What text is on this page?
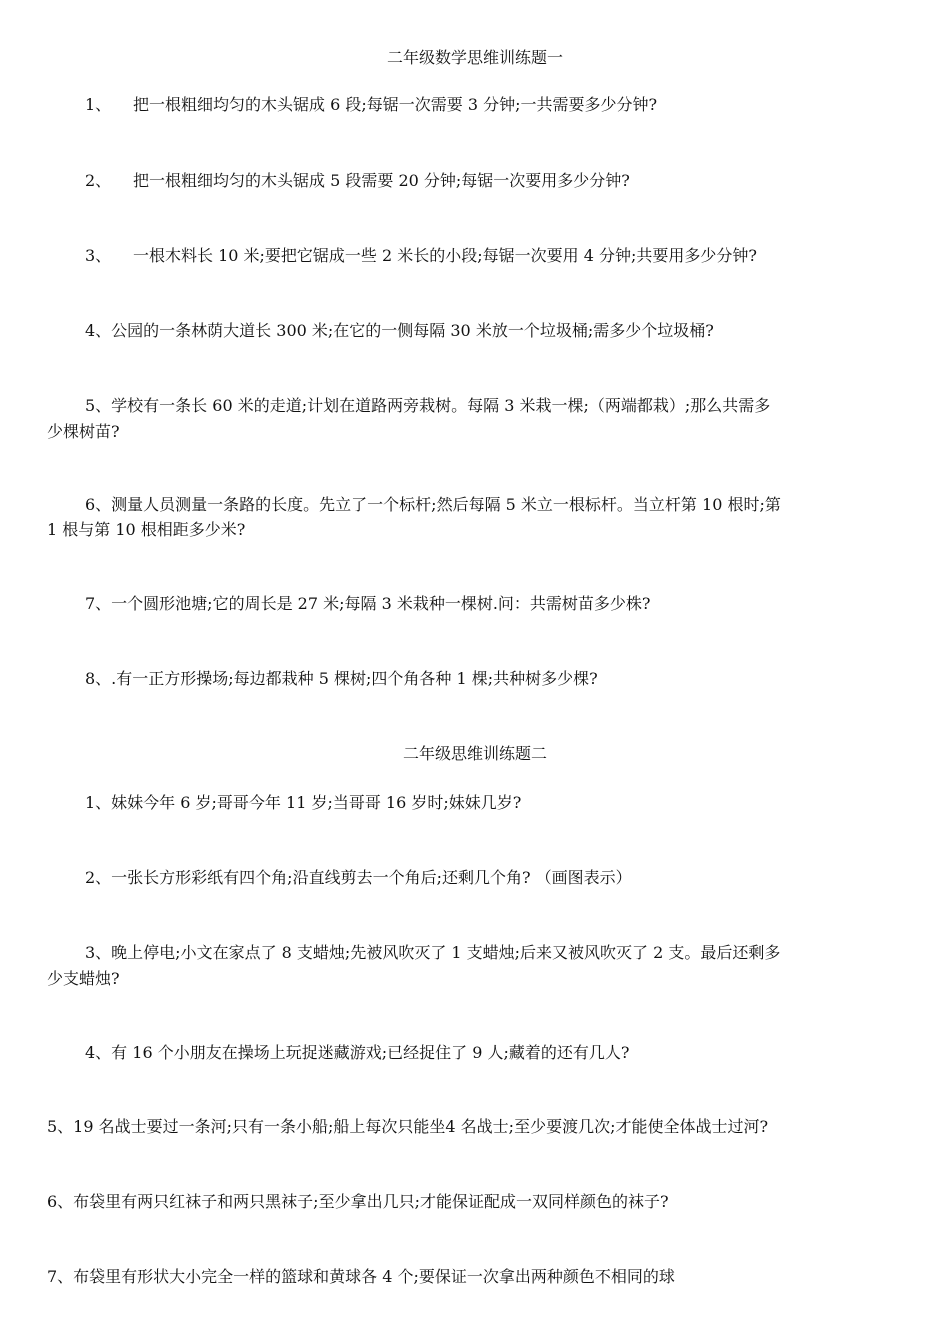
二年级数学思维训练题一
1、 把一根粗细均匀的木头锯成 6 段;每锯一次需要 3 分钟;一共需要多少分钟?
2、 把一根粗细均匀的木头锯成 5 段需要 20 分钟;每锯一次要用多少分钟?
3、 一根木料长 10 米;要把它锯成一些 2 米长的小段;每锯一次要用 4 分钟;共要用多少分钟?
4、公园的一条林荫大道长 300 米;在它的一侧每隔 30 米放一个垃圾桶;需多少个垃圾桶?
5、学校有一条长 60 米的走道;计划在道路两旁栽树。每隔 3 米栽一棵;（两端都栽）;那么共需多
少棵树苗?
6、测量人员测量一条路的长度。先立了一个标杆;然后每隔 5 米立一根标杆。当立杆第 10 根时;第
1 根与第 10 根相距多少米?
7、一个圆形池塘;它的周长是 27 米;每隔 3 米栽种一棵树.问：共需树苗多少株?
8、.有一正方形操场;每边都栽种 5 棵树;四个角各种 1 棵;共种树多少棵?
二年级思维训练题二
1、妹妹今年 6 岁;哥哥今年 11 岁;当哥哥 16 岁时;妹妹几岁?
2、一张长方形彩纸有四个角;沿直线剪去一个角后;还剩几个角? （画图表示）
3、晚上停电;小文在家点了 8 支蜡烛;先被风吹灭了 1 支蜡烛;后来又被风吹灭了 2 支。最后还剩多
少支蜡烛?
4、有 16 个小朋友在操场上玩捉迷藏游戏;已经捉住了 9 人;藏着的还有几人?
5、19 名战士要过一条河;只有一条小船;船上每次只能坐4 名战士;至少要渡几次;才能使全体战士过河?
6、布袋里有两只红袜子和两只黑袜子;至少拿出几只;才能保证配成一双同样颜色的袜子?
7、布袋里有形状大小完全一样的篮球和黄球各 4 个;要保证一次拿出两种颜色不相同的球
